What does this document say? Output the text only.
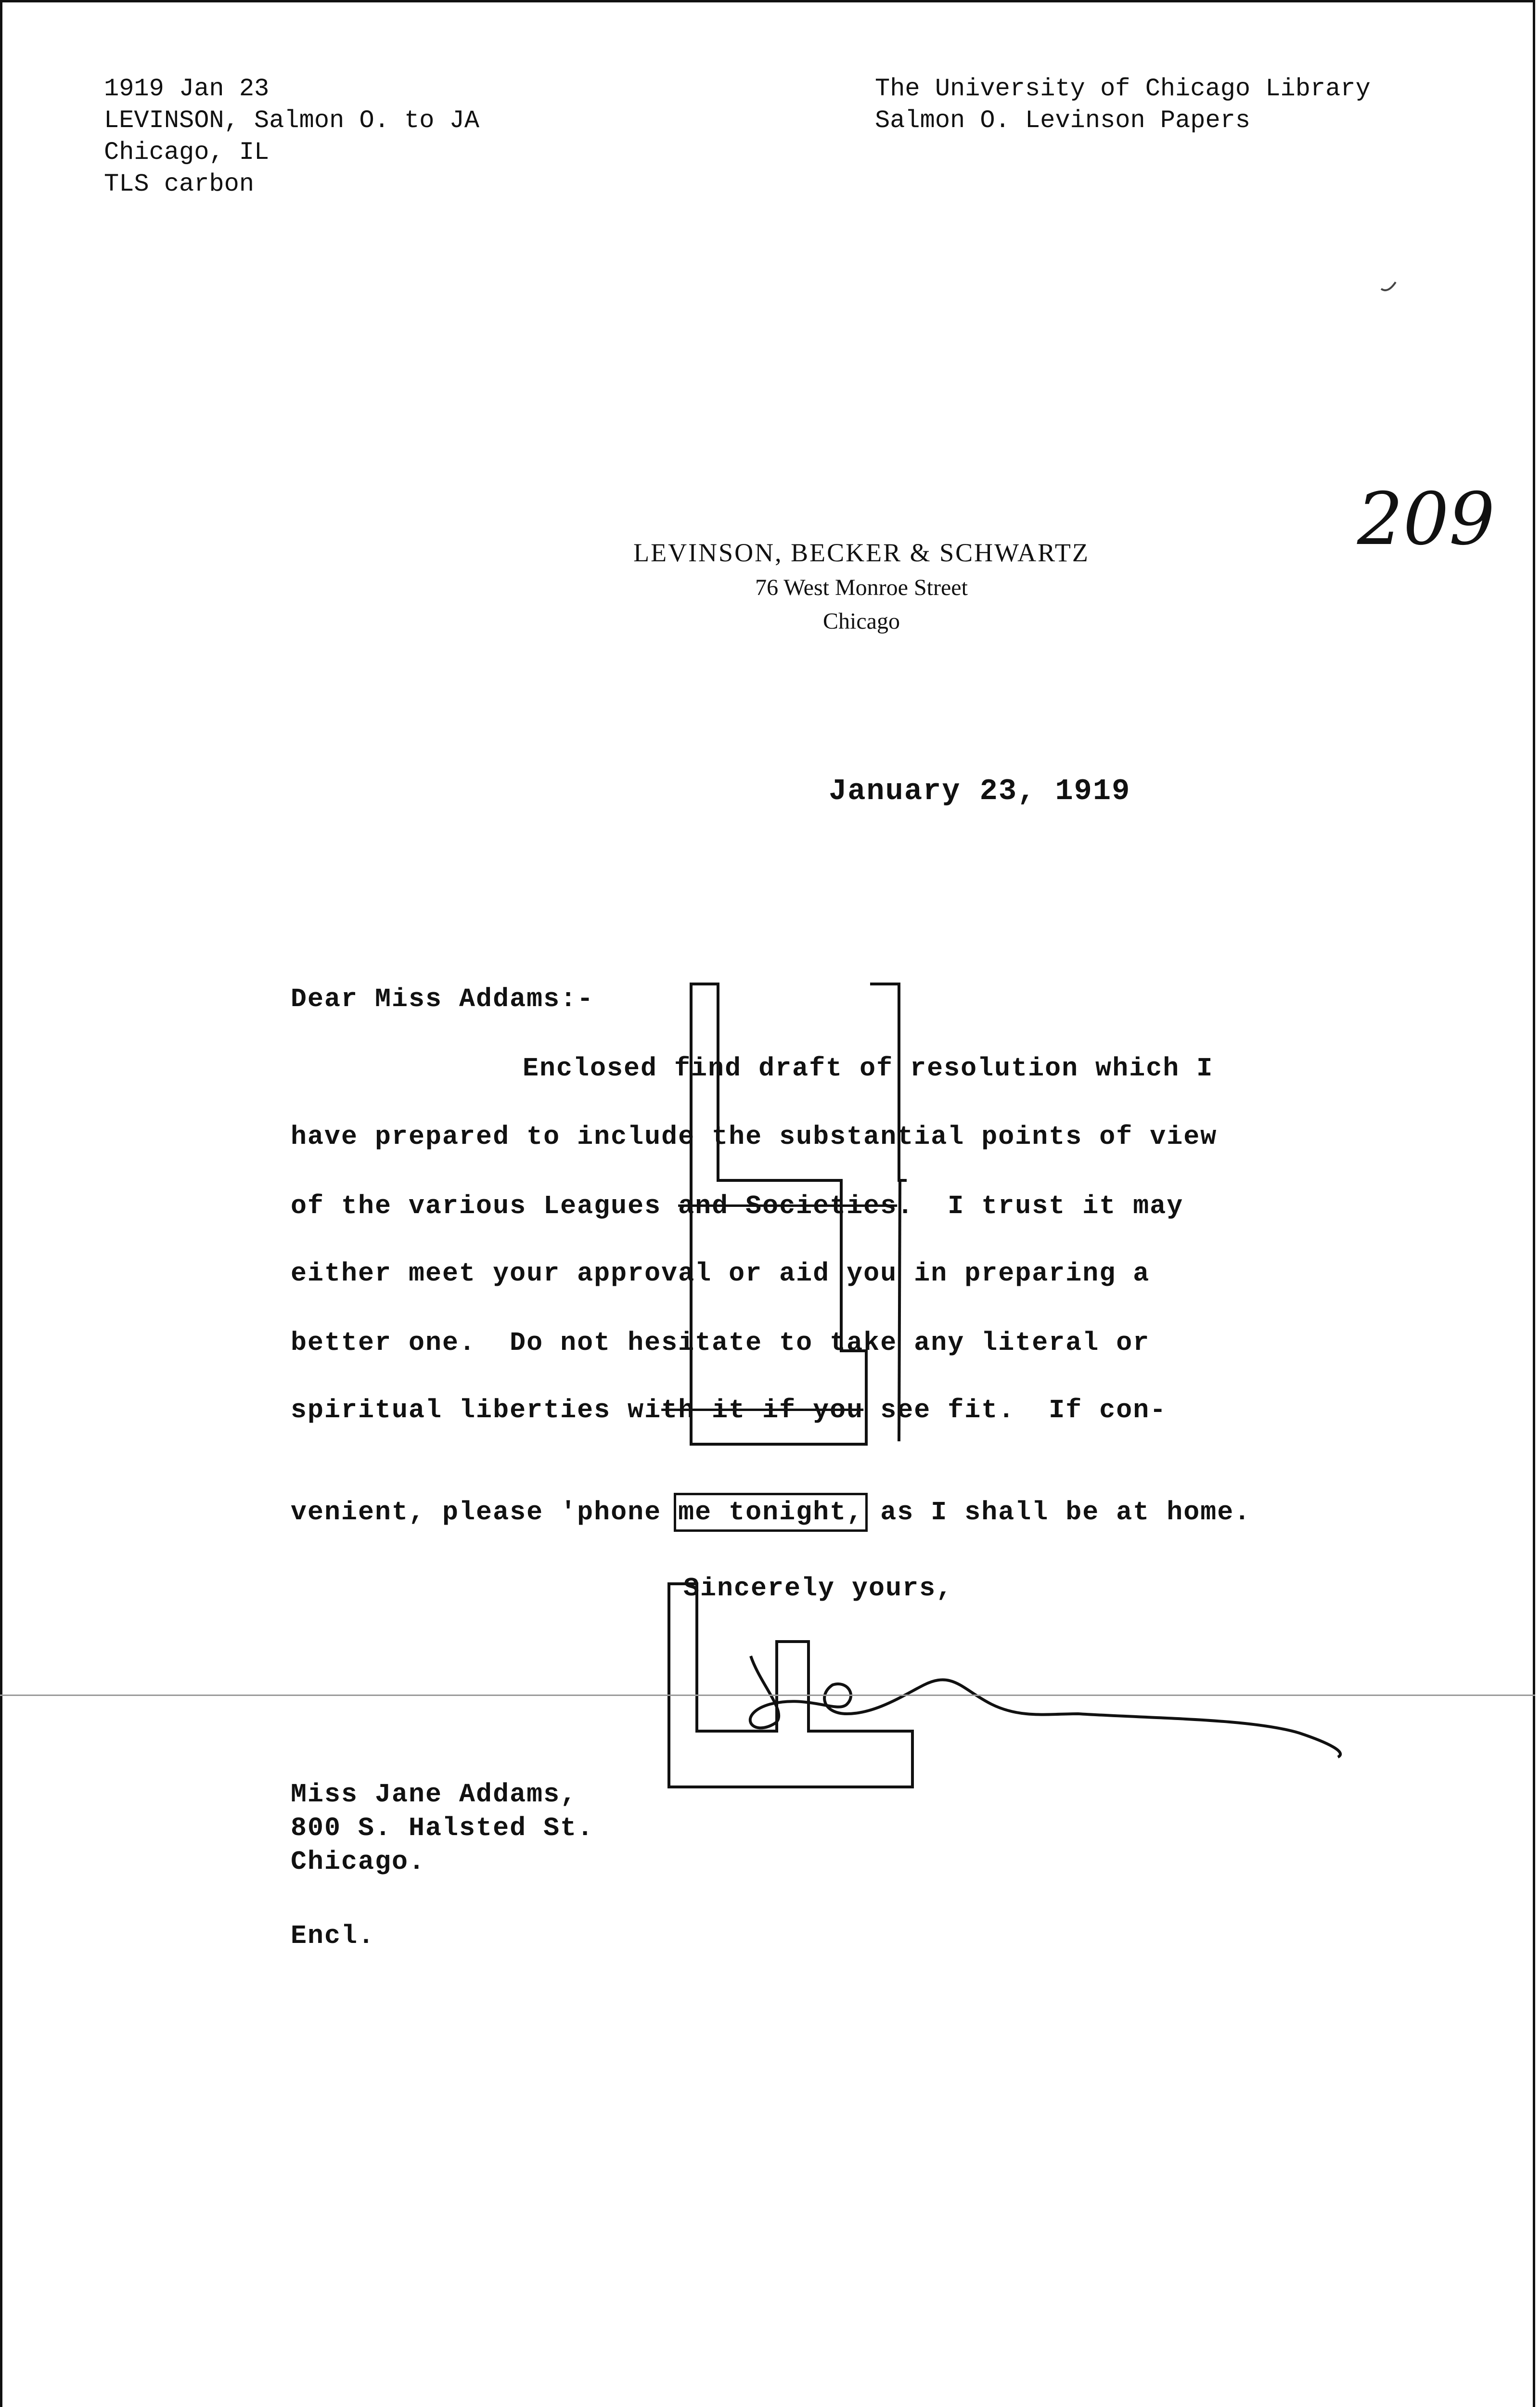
1919 Jan 23
LEVINSON, Salmon O. to JA
Chicago, IL
TLS carbon
The University of Chicago Library
Salmon O. Levinson Papers
LEVINSON, BECKER & SCHWARTZ
76 West Monroe Street
Chicago
209
January 23, 1919
Dear Miss Addams:-
Enclosed find draft of resolution which I
have prepared to include the substantial points of view
of the various Leagues and Societies.  I trust it may
either meet your approval or aid you in preparing a
better one.  Do not hesitate to take any literal or
spiritual liberties with it if you see fit.  If con-
venient, please 'phone me tonight, as I shall be at home.
Sincerely yours,
Miss Jane Addams,
800 S. Halsted St.
Chicago.
Encl.
